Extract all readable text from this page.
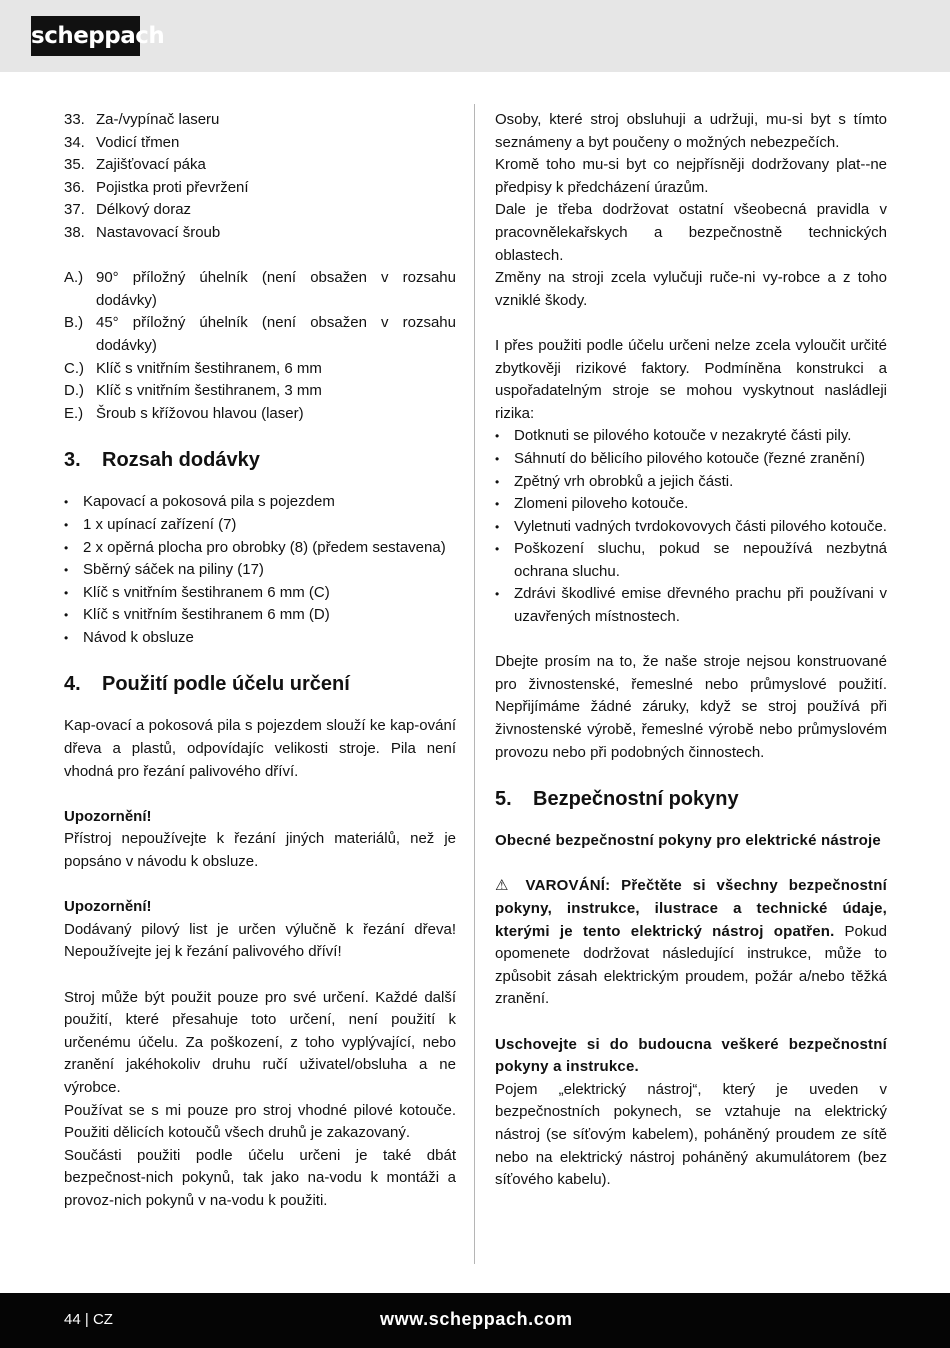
scheppach
33. Za-/vypínač laseru
34. Vodicí třmen
35. Zajišťovací páka
36. Pojistka proti převržení
37. Délkový doraz
38. Nastavovací šroub
A.) 90° příložný úhelník (není obsažen v rozsahu dodávky)
B.) 45° příložný úhelník (není obsažen v rozsahu dodávky)
C.) Klíč s vnitřním šestihranem, 6 mm
D.) Klíč s vnitřním šestihranem, 3 mm
E.) Šroub s křížovou hlavou (laser)
3.	Rozsah dodávky
• Kapovací a pokosová pila s pojezdem
• 1 x upínací zařízení (7)
• 2 x opěrná plocha pro obrobky (8) (předem sestavena)
• Sběrný sáček na piliny (17)
• Klíč s vnitřním šestihranem 6 mm (C)
• Klíč s vnitřním šestihranem 6 mm (D)
• Návod k obsluze
4.	Použití podle účelu určení

Kap-ovací a pokosová pila s pojezdem slouží ke kap-ování dřeva a plastů, odpovídajíc velikosti stroje. Pila není vhodná pro řezání palivového dříví.

Upozornění!

Přístroj nepoužívejte k řezání jiných materiálů, než je popsáno v návodu k obsluze.

Upozornění!

Dodávaný pilový list je určen výlučně k řezání dřeva! Nepoužívejte jej k řezání palivového dříví!

Stroj může být použit pouze pro své určení. Každé další použití, které přesahuje toto určení, není použití k určenému účelu. Za poškození, z toho vyplývající, nebo zranění jakéhokoliv druhu ručí uživatel/obsluha a ne výrobce.

Používat se s mi pouze pro stroj vhodné pilové kotouče. Použiti dělicích kotoučů všech druhů je zakazovaný.

Součásti použiti podle účelu určeni je také dbát bezpečnost-nich pokynů, tak jako na-vodu k montáži a provoz-nich pokynů v na-vodu k použiti.

Osoby, které stroj obsluhuji a udržuji, mu-si byt s tímto seznámeny a byt poučeny o možných nebezpečích.

Kromě toho mu-si byt co nejpřísněji dodržovany plat--ne předpisy k předcházení úrazům.

Dale je třeba dodržovat ostatní všeobecná pravidla v pracovnělekařskych a bezpečnostně technických oblastech.

Změny na stroji zcela vylučuji ruče-ni vy-robce a z toho vzniklé škody.

I přes použiti podle účelu určeni nelze zcela vyloučit určité zbytkověji rizikové faktory. Podmíněna konstrukci a uspořadatelným stroje se mohou vyskytnout nasládleji rizika:

• Dotknuti se pilového kotouče v nezakryté části pily.
• Sáhnutí do bělicího pilového kotouče (řezné zranění)
• Zpětný vrh obrobků a jejich části.
• Zlomeni piloveho kotouče.
• Vyletnuti vadných tvrdokovovych části pilového kotouče.
• Poškození sluchu, pokud se nepoužívá nezbytná ochrana sluchu.
• Zdrávi škodlivé emise dřevného prachu při používani v uzavřených místnostech.

Dbejte prosím na to, že naše stroje nejsou konstruované pro živnostenské, řemeslné nebo průmyslové použití. Nepřijímáme žádné záruky, když se stroj používá při živnostenské výrobě, řemeslné výrobě nebo průmyslovém provozu nebo při podobných činnostech.

5.	Bezpečnostní pokyny

Obecné bezpečnostní pokyny pro elektrické nástroje

⚠ VAROVÁNÍ: Přečtěte si všechny bezpečnostní pokyny, instrukce, ilustrace a technické údaje, kterými je tento elektrický nástroj opatřen. Pokud opomenete dodržovat následující instrukce, může to způsobit zásah elektrickým proudem, požár a/nebo těžká zranění.

Uschovejte si do budoucna veškeré bezpečnostní pokyny a instrukce.

Pojem „elektrický nástroj“, který je uveden v bezpečnostních pokynech, se vztahuje na elektrický nástroj (se síťovým kabelem), poháněný proudem ze sítě nebo na elektrický nástroj poháněný akumulátorem (bez síťového kabelu).

44 | CZ	www.scheppach.com
